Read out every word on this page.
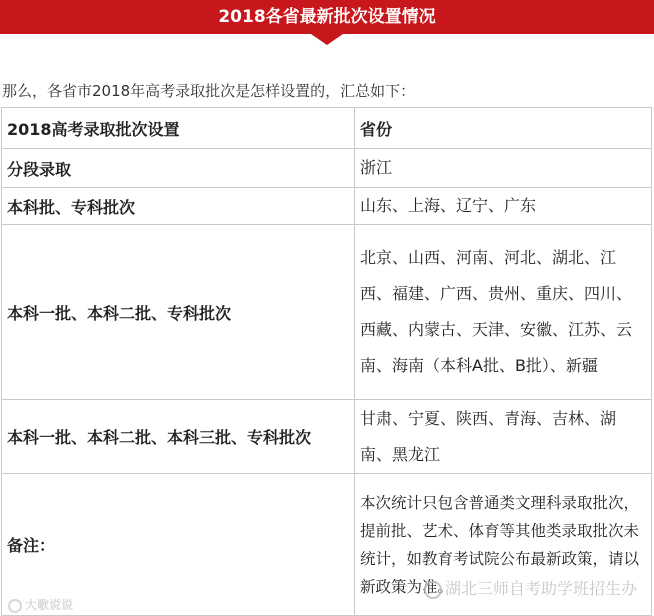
2018各省最新批次设置情况
那么，各省市2018年高考录取批次是怎样设置的，汇总如下：
2018高考录取批次设置	省份
分段录取	浙江
本科批、专科批次	山东、上海、辽宁、广东
本科一批、本科二批、专科批次	北京、山西、河南、河北、湖北、江西、福建、广西、贵州、重庆、四川、西藏、内蒙古、天津、安徽、江苏、云南、海南（本科A批、B批）、新疆
本科一批、本科二批、本科三批、专科批次	甘肃、宁夏、陕西、青海、吉林、湖南、黑龙江
备注：	本次统计只包含普通类文理科录取批次，提前批、艺术、体育等其他类录取批次未统计，如教育考试院公布最新政策，请以新政策为准。
大歌说说
湖北三师自考助学班招生办
